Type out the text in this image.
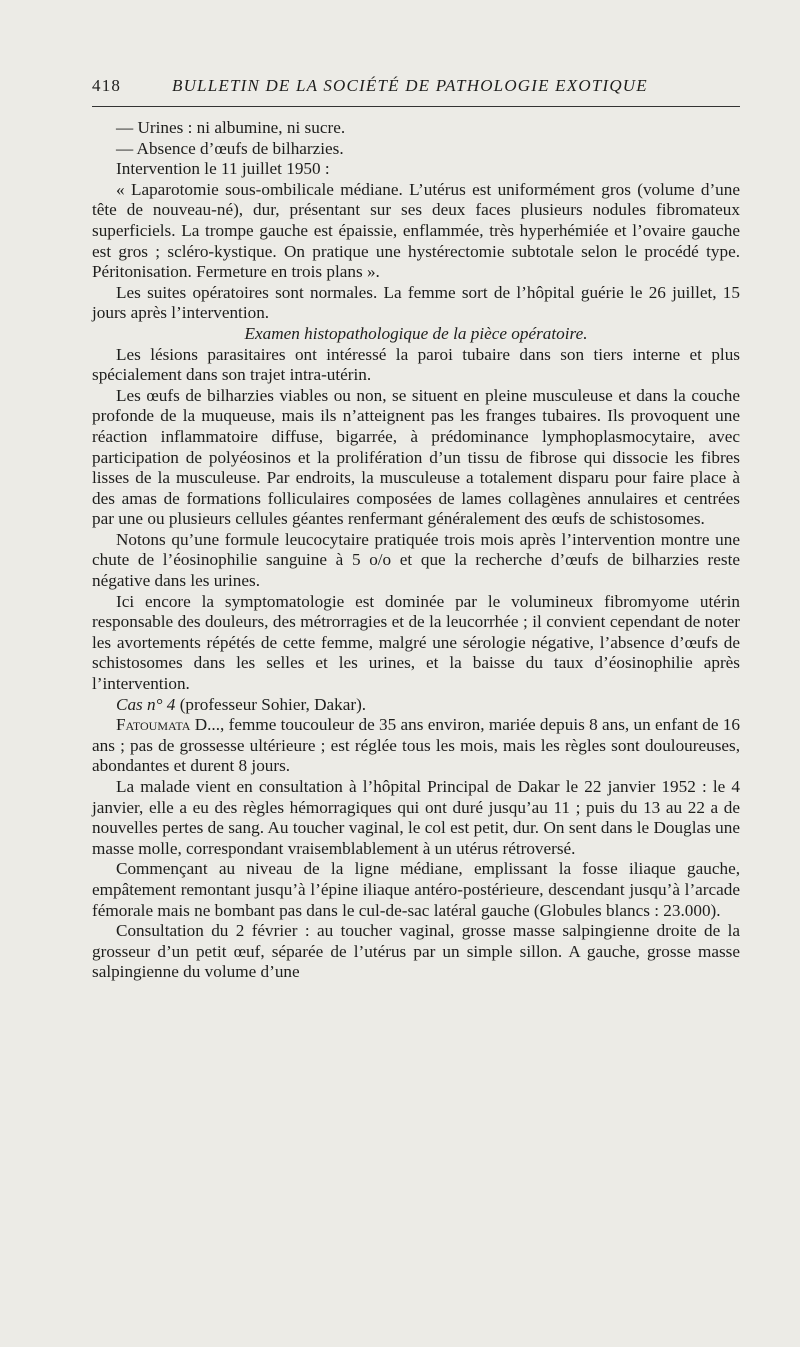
418	BULLETIN DE LA SOCIÉTÉ DE PATHOLOGIE EXOTIQUE

— Urines : ni albumine, ni sucre.

— Absence d’œufs de bilharzies.

Intervention le 11 juillet 1950 :

« Laparotomie sous-ombilicale médiane. L’utérus est uniformément gros (volume d’une tête de nouveau-né), dur, présentant sur ses deux faces plusieurs nodules fibromateux superficiels. La trompe gauche est épaissie, enflammée, très hyperhémiée et l’ovaire gauche est gros ; scléro-kystique. On pratique une hystérectomie subtotale selon le procédé type. Péritonisation. Fermeture en trois plans ».

Les suites opératoires sont normales. La femme sort de l’hôpital guérie le 26 juillet, 15 jours après l’intervention.

Examen histopathologique de la pièce opératoire.

Les lésions parasitaires ont intéressé la paroi tubaire dans son tiers interne et plus spécialement dans son trajet intra-utérin.

Les œufs de bilharzies viables ou non, se situent en pleine musculeuse et dans la couche profonde de la muqueuse, mais ils n’atteignent pas les franges tubaires. Ils provoquent une réaction inflammatoire diffuse, bigarrée, à prédominance lymphoplasmocytaire, avec participation de polyéosinos et la prolifération d’un tissu de fibrose qui dissocie les fibres lisses de la musculeuse. Par endroits, la musculeuse a totalement disparu pour faire place à des amas de formations folliculaires composées de lames collagènes annulaires et centrées par une ou plusieurs cellules géantes renfermant généralement des œufs de schistosomes.

Notons qu’une formule leucocytaire pratiquée trois mois après l’intervention montre une chute de l’éosinophilie sanguine à 5 o/o et que la recherche d’œufs de bilharzies reste négative dans les urines.

Ici encore la symptomatologie est dominée par le volumineux fibromyome utérin responsable des douleurs, des métrorragies et de la leucorrhée ; il convient cependant de noter les avortements répétés de cette femme, malgré une sérologie négative, l’absence d’œufs de schistosomes dans les selles et les urines, et la baisse du taux d’éosinophilie après l’intervention.

Cas n° 4 (professeur Sohier, Dakar).

Fatoumata D..., femme toucouleur de 35 ans environ, mariée depuis 8 ans, un enfant de 16 ans ; pas de grossesse ultérieure ; est réglée tous les mois, mais les règles sont douloureuses, abondantes et durent 8 jours.

La malade vient en consultation à l’hôpital Principal de Dakar le 22 janvier 1952 : le 4 janvier, elle a eu des règles hémorragiques qui ont duré jusqu’au 11 ; puis du 13 au 22 a de nouvelles pertes de sang. Au toucher vaginal, le col est petit, dur. On sent dans le Douglas une masse molle, correspondant vraisemblablement à un utérus rétroversé.

Commençant au niveau de la ligne médiane, emplissant la fosse iliaque gauche, empâtement remontant jusqu’à l’épine iliaque antéro-postérieure, descendant jusqu’à l’arcade fémorale mais ne bombant pas dans le cul-de-sac latéral gauche (Globules blancs : 23.000).

Consultation du 2 février : au toucher vaginal, grosse masse salpingienne droite de la grosseur d’un petit œuf, séparée de l’utérus par un simple sillon. A gauche, grosse masse salpingienne du volume d’une
